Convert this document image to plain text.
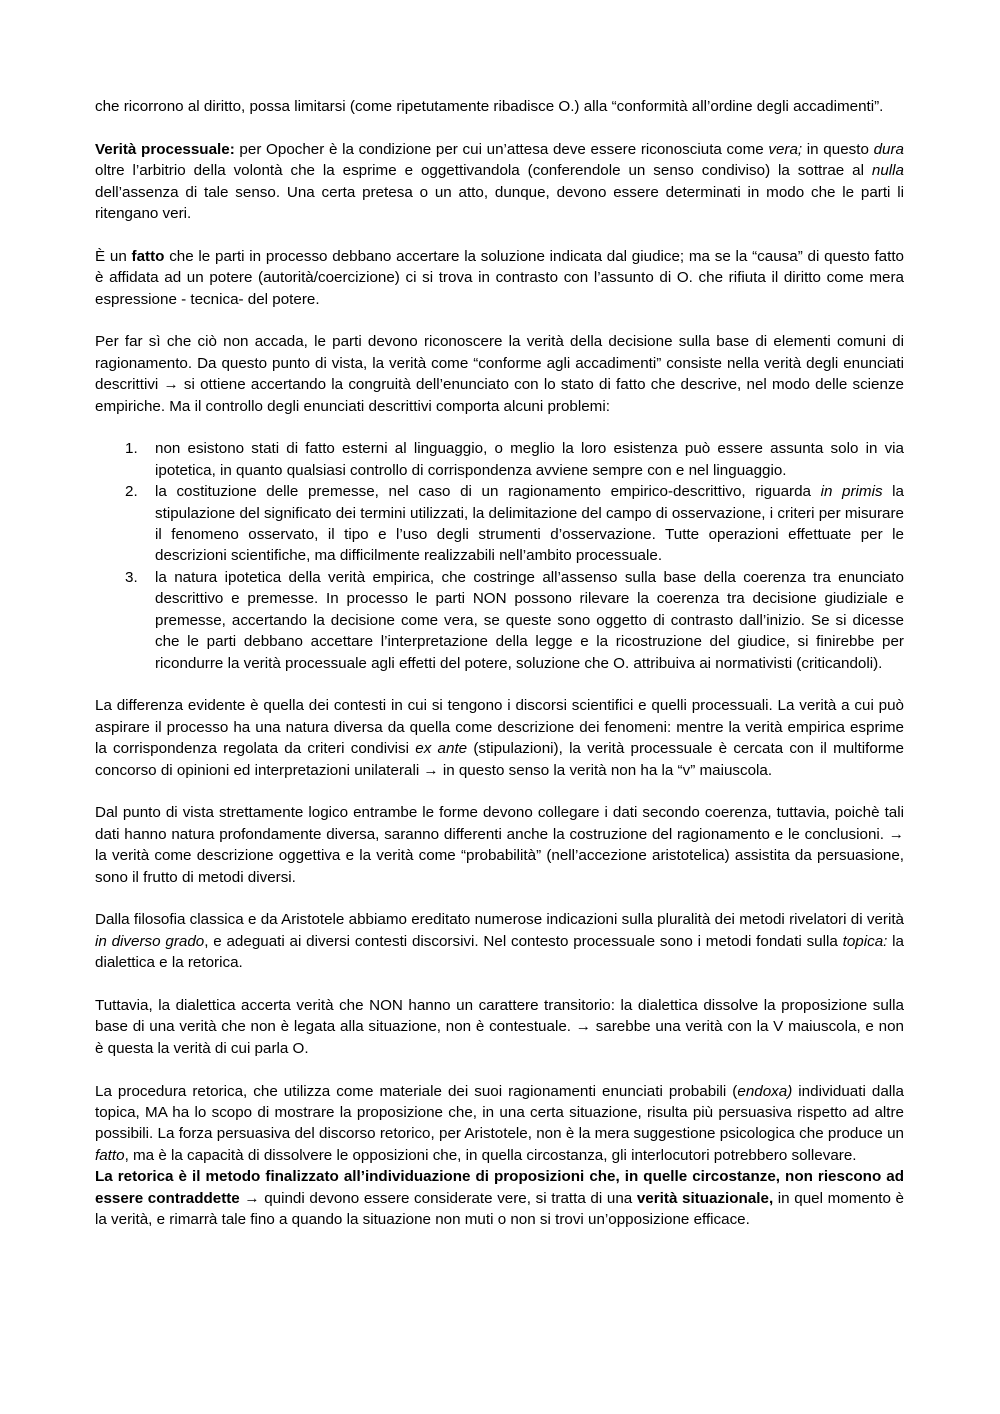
che ricorrono al diritto, possa limitarsi (come ripetutamente ribadisce O.) alla “conformità all’ordine degli accadimenti”.

Verità processuale: per Opocher è la condizione per cui un’attesa deve essere riconosciuta come vera; in questo dura oltre l’arbitrio della volontà che la esprime e oggettivandola (conferendole un senso condiviso) la sottrae al nulla dell’assenza di tale senso. Una certa pretesa o un atto, dunque, devono essere determinati in modo che le parti li ritengano veri.

È un fatto che le parti in processo debbano accertare la soluzione indicata dal giudice; ma se la “causa” di questo fatto è affidata ad un potere (autorità/coercizione) ci si trova in contrasto con l’assunto di O. che rifiuta il diritto come mera espressione - tecnica- del potere.

Per far sì che ciò non accada, le parti devono riconoscere la verità della decisione sulla base di elementi comuni di ragionamento. Da questo punto di vista, la verità come “conforme agli accadimenti” consiste nella verità degli enunciati descrittivi → si ottiene accertando la congruità dell’enunciato con lo stato di fatto che descrive, nel modo delle scienze empiriche. Ma il controllo degli enunciati descrittivi comporta alcuni problemi:

1. non esistono stati di fatto esterni al linguaggio, o meglio la loro esistenza può essere assunta solo in via ipotetica, in quanto qualsiasi controllo di corrispondenza avviene sempre con e nel linguaggio.
2. la costituzione delle premesse, nel caso di un ragionamento empirico-descrittivo, riguarda in primis la stipulazione del significato dei termini utilizzati, la delimitazione del campo di osservazione, i criteri per misurare il fenomeno osservato, il tipo e l’uso degli strumenti d’osservazione. Tutte operazioni effettuate per le descrizioni scientifiche, ma difficilmente realizzabili nell’ambito processuale.
3. la natura ipotetica della verità empirica, che costringe all’assenso sulla base della coerenza tra enunciato descrittivo e premesse. In processo le parti NON possono rilevare la coerenza tra decisione giudiziale e premesse, accertando la decisione come vera, se queste sono oggetto di contrasto dall’inizio. Se si dicesse che le parti debbano accettare l’interpretazione della legge e la ricostruzione del giudice, si finirebbe per ricondurre la verità processuale agli effetti del potere, soluzione che O. attribuiva ai normativisti (criticandoli).

La differenza evidente è quella dei contesti in cui si tengono i discorsi scientifici e quelli processuali. La verità a cui può aspirare il processo ha una natura diversa da quella come descrizione dei fenomeni: mentre la verità empirica esprime la corrispondenza regolata da criteri condivisi ex ante (stipulazioni), la verità processuale è cercata con il multiforme concorso di opinioni ed interpretazioni unilaterali → in questo senso la verità non ha la “v” maiuscola.

Dal punto di vista strettamente logico entrambe le forme devono collegare i dati secondo coerenza, tuttavia, poichè tali dati hanno natura profondamente diversa, saranno differenti anche la costruzione del ragionamento e le conclusioni. → la verità come descrizione oggettiva e la verità come “probabilità” (nell’accezione aristotelica) assistita da persuasione, sono il frutto di metodi diversi.

Dalla filosofia classica e da Aristotele abbiamo ereditato numerose indicazioni sulla pluralità dei metodi rivelatori di verità in diverso grado, e adeguati ai diversi contesti discorsivi. Nel contesto processuale sono i metodi fondati sulla topica: la dialettica e la retorica.

Tuttavia, la dialettica accerta verità che NON hanno un carattere transitorio: la dialettica dissolve la proposizione sulla base di una verità che non è legata alla situazione, non è contestuale. → sarebbe una verità con la V maiuscola, e non è questa la verità di cui parla O.

La procedura retorica, che utilizza come materiale dei suoi ragionamenti enunciati probabili (endoxa) individuati dalla topica, MA ha lo scopo di mostrare la proposizione che, in una certa situazione, risulta più persuasiva rispetto ad altre possibili. La forza persuasiva del discorso retorico, per Aristotele, non è la mera suggestione psicologica che produce un fatto, ma è la capacità di dissolvere le opposizioni che, in quella circostanza, gli interlocutori potrebbero sollevare.

La retorica è il metodo finalizzato all’individuazione di proposizioni che, in quelle circostanze, non riescono ad essere contraddette → quindi devono essere considerate vere, si tratta di una verità situazionale, in quel momento è la verità, e rimarrà tale fino a quando la situazione non muti o non si trovi un’opposizione efficace.
